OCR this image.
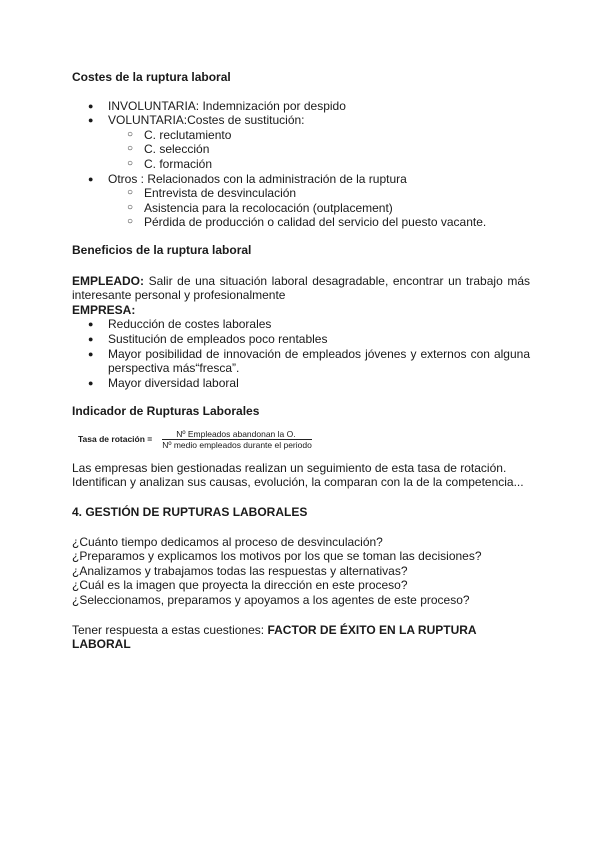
Costes de la ruptura laboral

● INVOLUNTARIA: Indemnización por despido
● VOLUNTARIA:Costes de sustitución:
○ C. reclutamiento
○ C. selección
○ C. formación
● Otros : Relacionados con la administración de la ruptura
○ Entrevista de desvinculación
○ Asistencia para la recolocación (outplacement)
○ Pérdida de producción o calidad del servicio del puesto vacante.

Beneficios de la ruptura laboral

EMPLEADO: Salir de una situación laboral desagradable, encontrar un trabajo más interesante personal y profesionalmente

EMPRESA:

● Reducción de costes laborales
● Sustitución de empleados poco rentables
● Mayor posibilidad de innovación de empleados jóvenes y externos con alguna perspectiva más“fresca”.
● Mayor diversidad laboral

Indicador de Rupturas Laborales

Tasa de rotación = $\frac{\text{Nº Empleados abandonan la O.}}{\text{Nº medio empleados durante el periodo}}$

Las empresas bien gestionadas realizan un seguimiento de esta tasa de rotación. Identifican y analizan sus causas, evolución, la comparan con la de la competencia...

4. GESTIÓN DE RUPTURAS LABORALES

¿Cuánto tiempo dedicamos al proceso de desvinculación?
¿Preparamos y explicamos los motivos por los que se toman las decisiones?
¿Analizamos y trabajamos todas las respuestas y alternativas?
¿Cuál es la imagen que proyecta la dirección en este proceso?
¿Seleccionamos, preparamos y apoyamos a los agentes de este proceso?

Tener respuesta a estas cuestiones: FACTOR DE ÉXITO EN LA RUPTURA LABORAL
